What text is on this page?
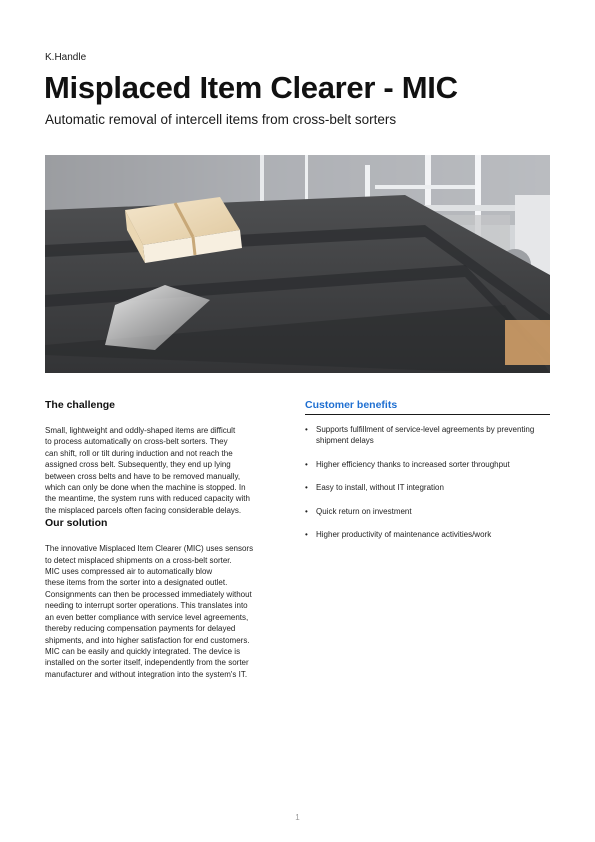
K.Handle
Misplaced Item Clearer - MIC
Automatic removal of intercell items from cross-belt sorters
The challenge

Small, lightweight and oddly-shaped items are difficult
to process automatically on cross-belt sorters. They
can shift, roll or tilt during induction and not reach the
assigned cross belt. Subsequently, they end up lying
between cross belts and have to be removed manually,
which can only be done when the machine is stopped. In
the meantime, the system runs with reduced capacity with
the misplaced parcels often facing considerable delays.

Our solution

The innovative Misplaced Item Clearer (MIC) uses sensors
to detect misplaced shipments on a cross-belt sorter.
MIC uses compressed air to automatically blow
these items from the sorter into a designated outlet.
Consignments can then be processed immediately without
needing to interrupt sorter operations. This translates into
an even better compliance with service level agreements,
thereby reducing compensation payments for delayed
shipments, and into higher satisfaction for end customers.

MIC can be easily and quickly integrated. The device is
installed on the sorter itself, independently from the sorter
manufacturer and without integration into the system's IT.

Customer benefits
• Supports fulfillment of service-level agreements by preventing shipment delays
• Higher efficiency thanks to increased sorter throughput
• Easy to install, without IT integration
• Quick return on investment
• Higher productivity of maintenance activities/work
1
